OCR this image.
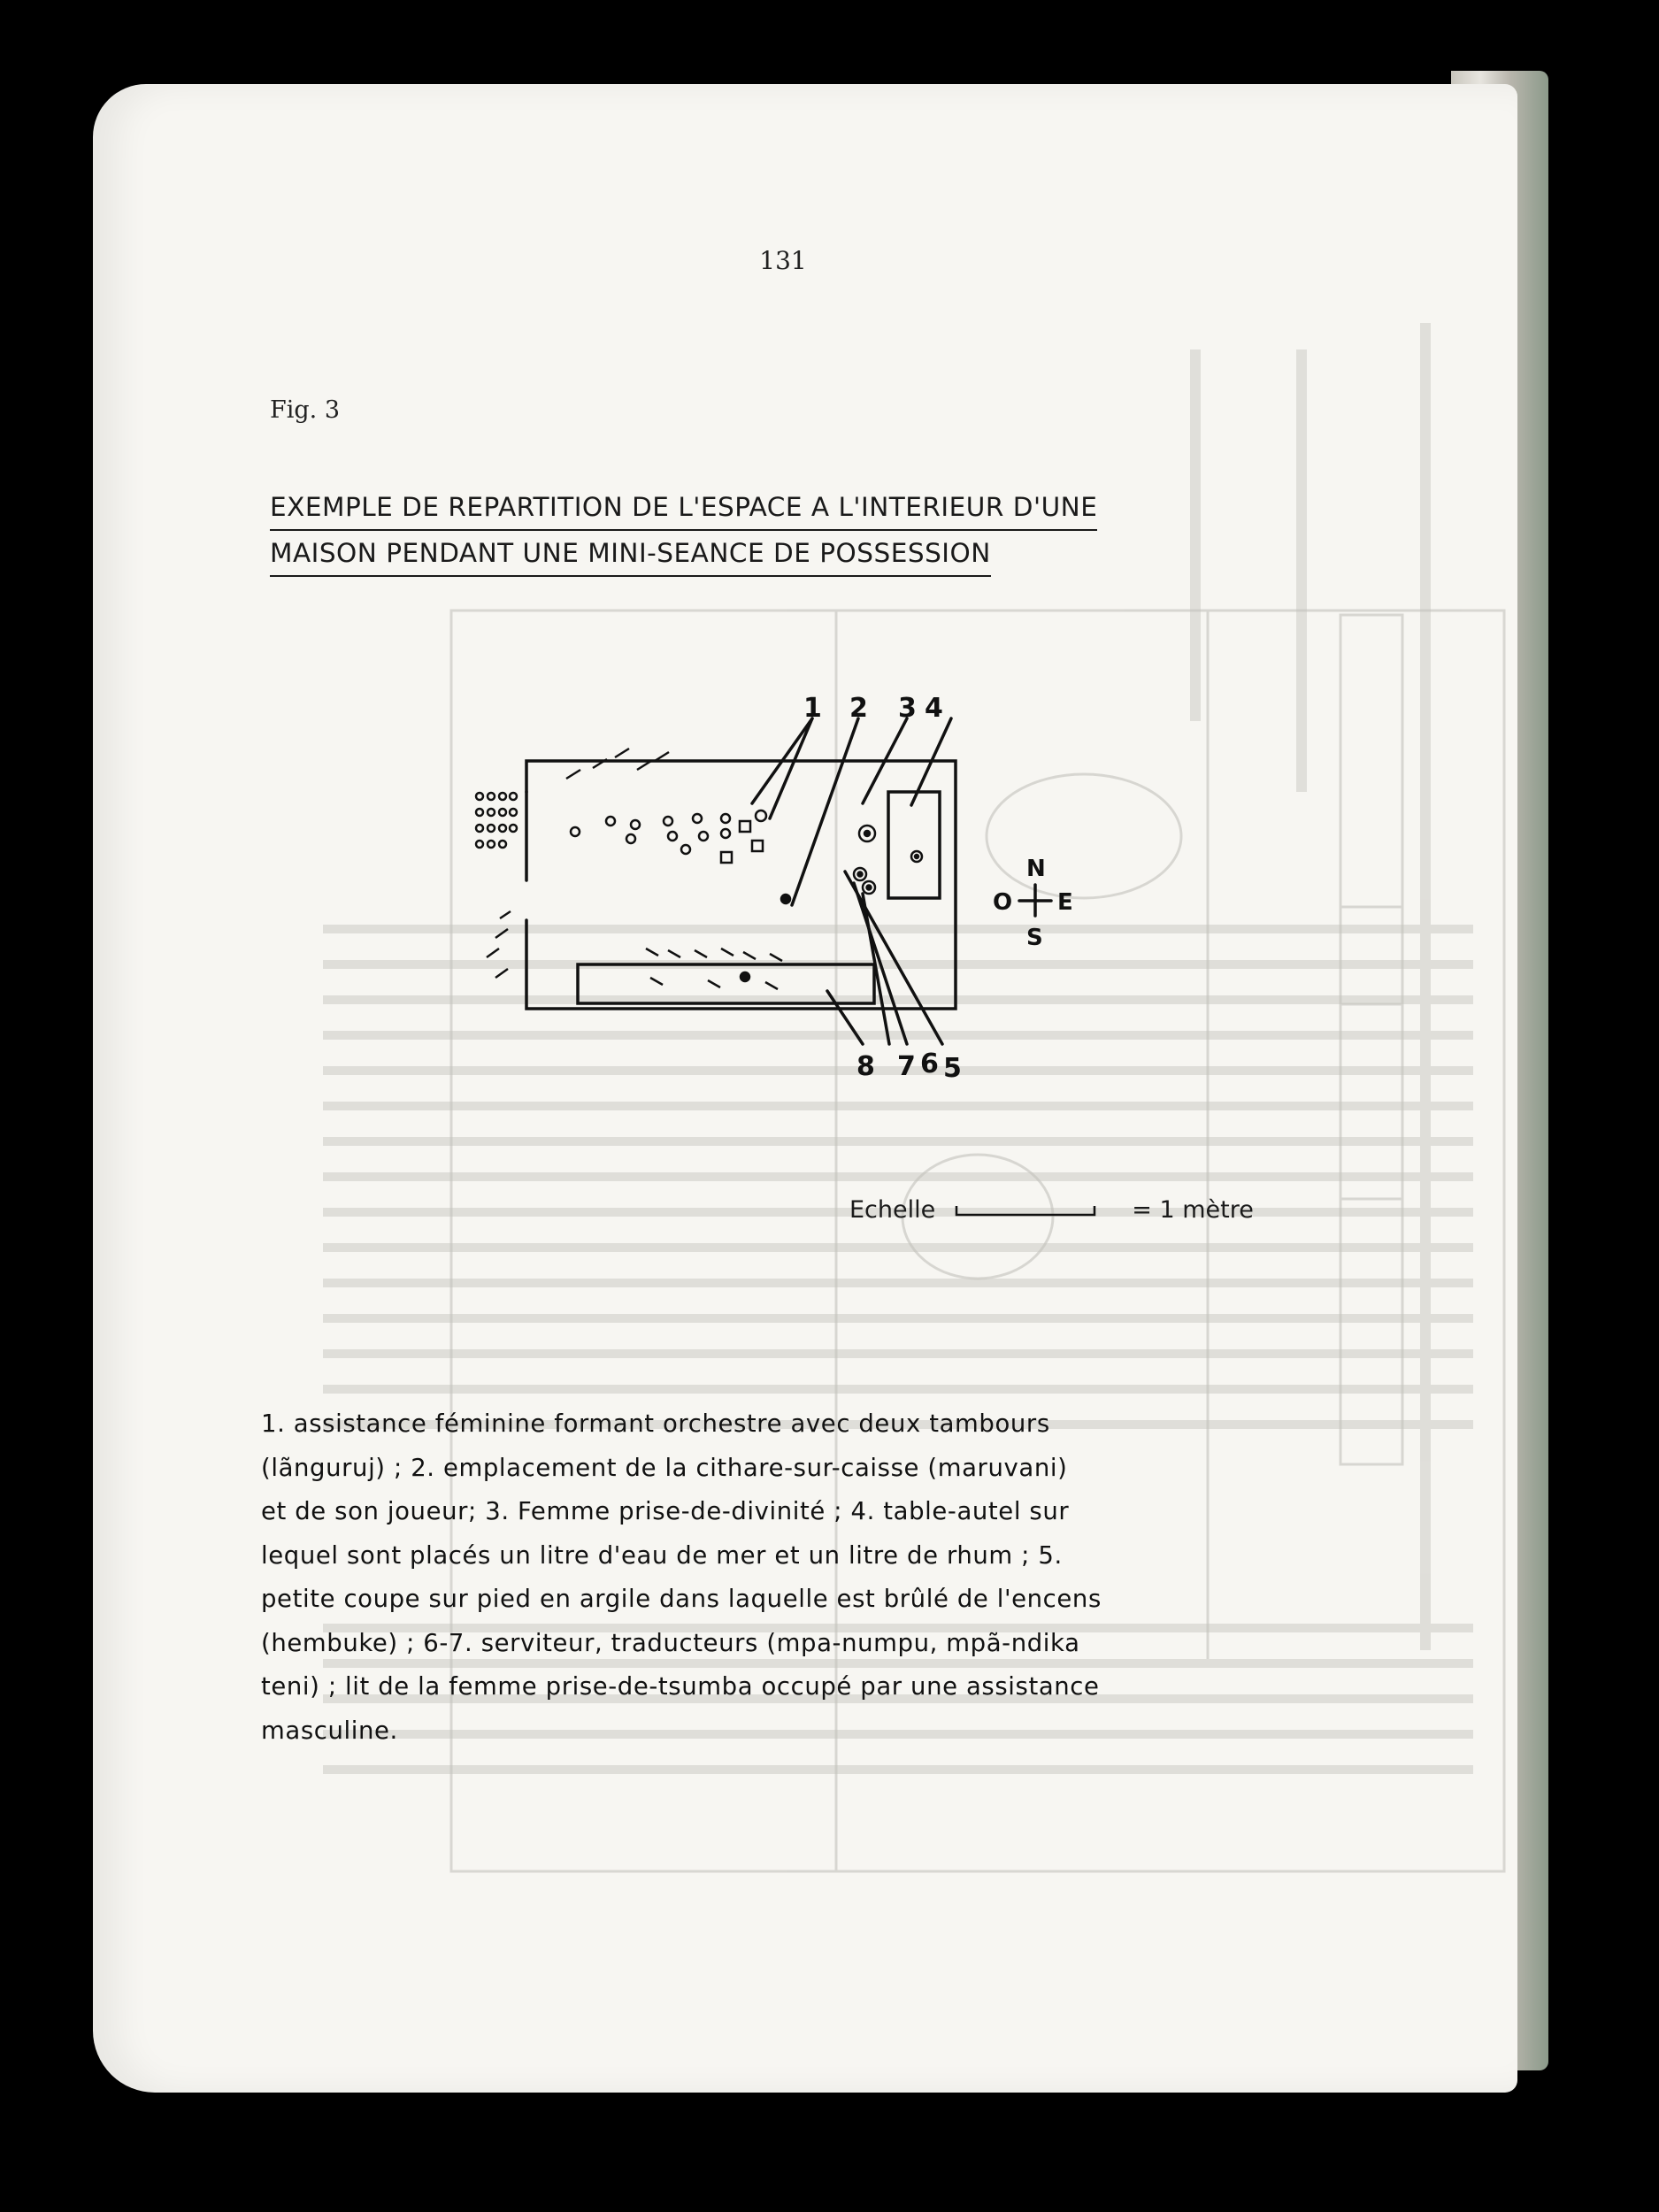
131
Fig. 3
EXEMPLE DE REPARTITION DE L'ESPACE A L'INTERIEUR D'UNE
MAISON PENDANT UNE MINI-SEANCE DE POSSESSION
1 2 3 4
8 7 6 5
N
O E
S
Echelle	= 1 mètre

1. assistance féminine formant orchestre avec deux tambours

(lãnguruj) ; 2. emplacement de la cithare-sur-caisse (maruvani)

et de son joueur; 3. Femme prise-de-divinité ; 4. table-autel sur

lequel sont placés un litre d'eau de mer et un litre de rhum ; 5.

petite coupe sur pied en argile dans laquelle est brûlé de l'encens

(hembuke) ; 6-7. serviteur, traducteurs (mpa-numpu, mpã-ndika

teni) ; lit de la femme prise-de-tsumba occupé par une assistance

masculine.
